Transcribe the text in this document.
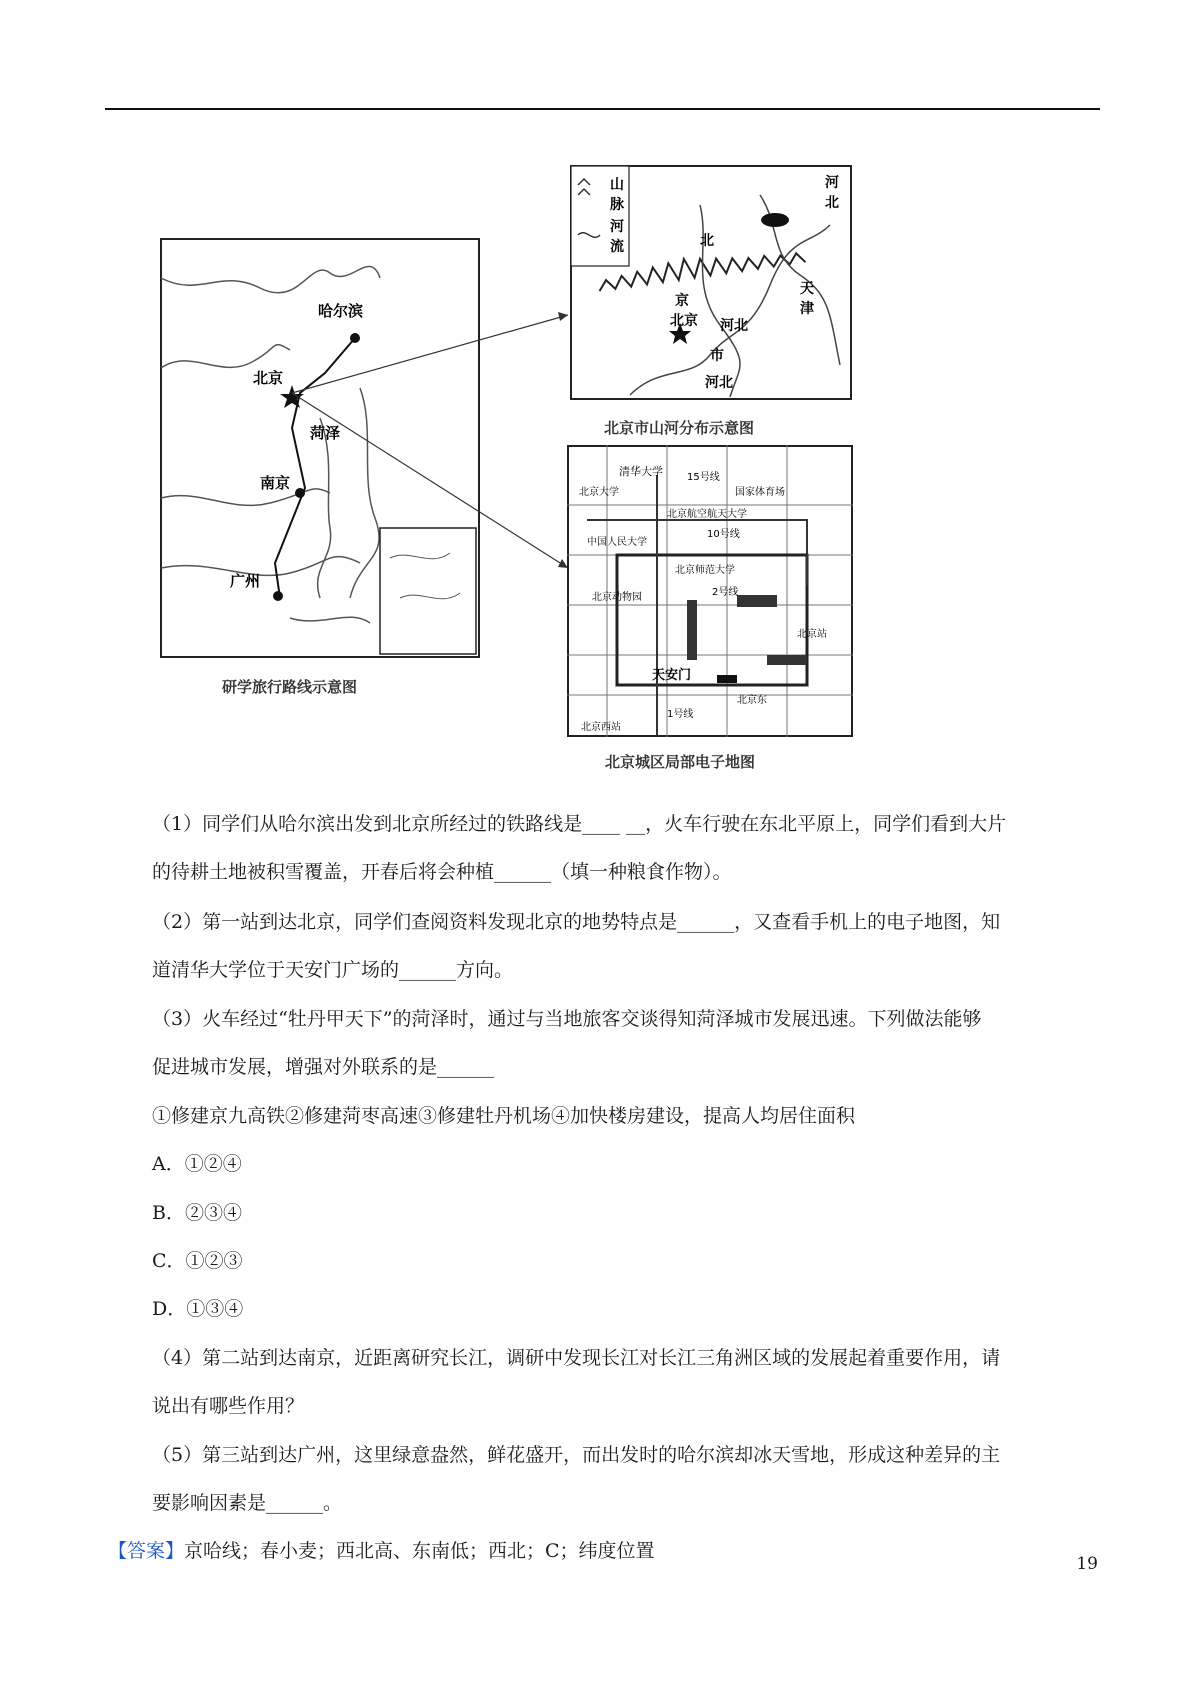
哈尔滨
北京
菏泽
南京
广州
研学旅行路线示意图
山
脉
河
流
河
北
北
京
北京 河北
天
津
市
河北
北京市山河分布示意图
清华大学
北京大学
15号线
国家体育场
北京航空航天大学
中国人民大学
10号线
北京师范大学
2号线
北京动物园
天安门
北京西站
北京站
北京东
1号线
北京城区局部电子地图
（1）同学们从哈尔滨出发到北京所经过的铁路线是____ __，火车行驶在东北平原上，同学们看到大片
的待耕土地被积雪覆盖，开春后将会种植______（填一种粮食作物）。
（2）第一站到达北京，同学们查阅资料发现北京的地势特点是______，又查看手机上的电子地图，知
道清华大学位于天安门广场的______方向。
（3）火车经过“牡丹甲天下”的菏泽时，通过与当地旅客交谈得知菏泽城市发展迅速。下列做法能够
促进城市发展，增强对外联系的是______
①修建京九高铁②修建菏枣高速③修建牡丹机场④加快楼房建设，提高人均居住面积
A．①②④
B．②③④
C．①②③
D．①③④
（4）第二站到达南京，近距离研究长江，调研中发现长江对长江三角洲区域的发展起着重要作用，请
说出有哪些作用？
（5）第三站到达广州，这里绿意盎然，鲜花盛开，而出发时的哈尔滨却冰天雪地，形成这种差异的主
要影响因素是______。
【答案】京哈线；春小麦；西北高、东南低；西北；C；纬度位置
19
